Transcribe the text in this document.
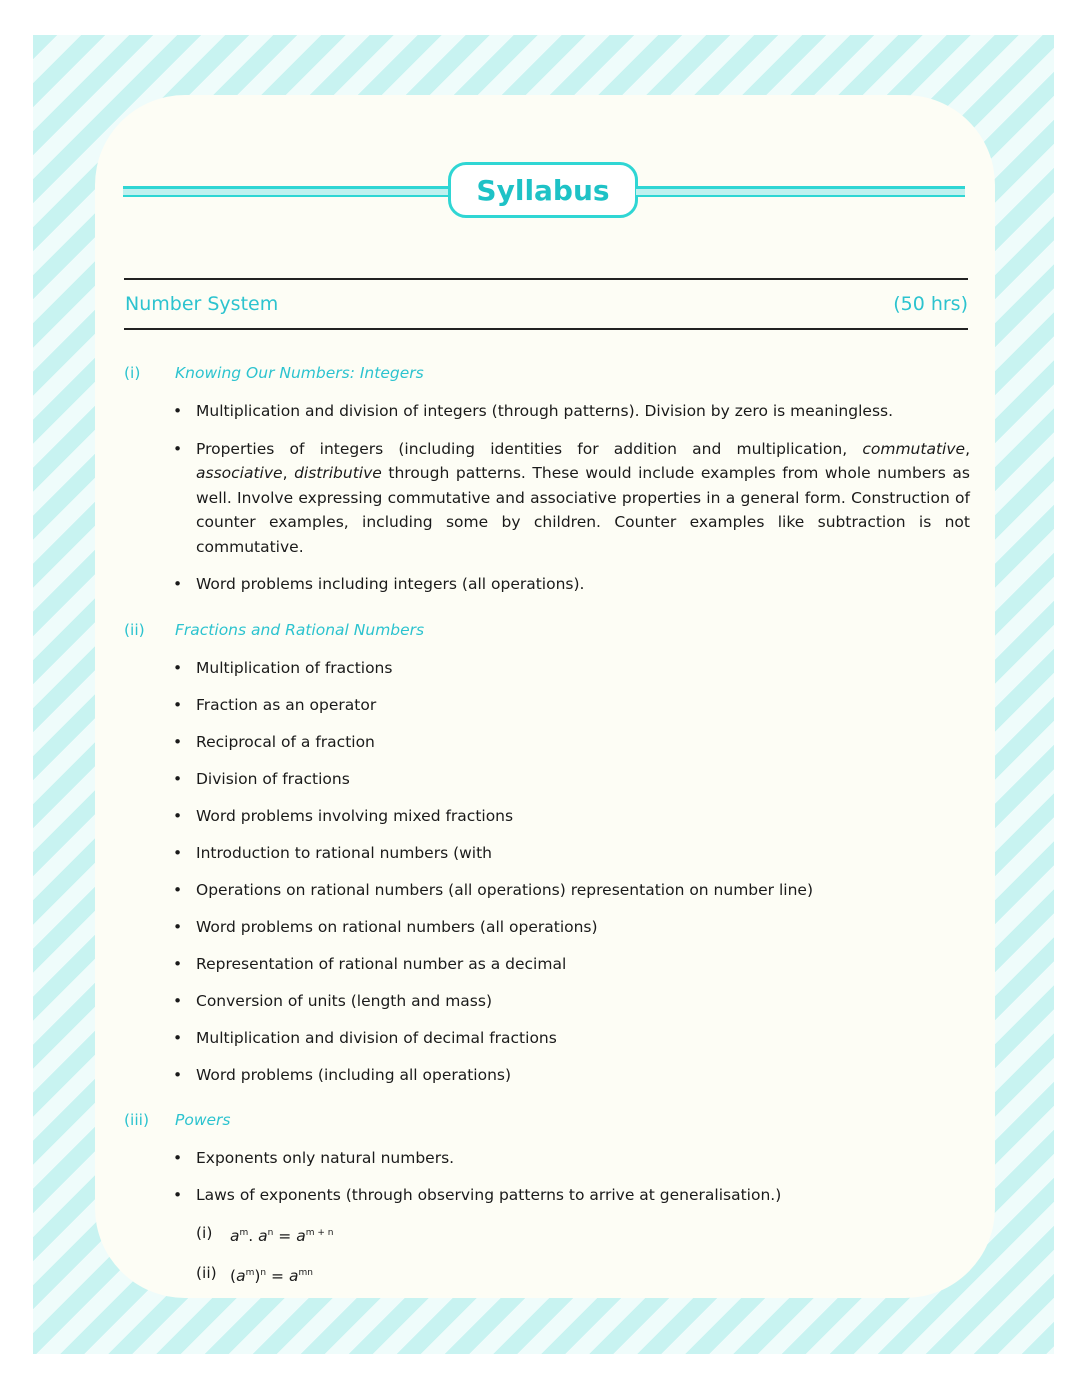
Syllabus
Number System	(50 hrs)
(i)	Knowing Our Numbers: Integers
• Multiplication and division of integers (through patterns). Division by zero is meaningless.
• Properties of integers (including identities for addition and multiplication, commutative, associative, distributive through patterns. These would include examples from whole numbers as well. Involve expressing commutative and associative properties in a general form. Construction of counter examples, including some by children. Counter examples like subtraction is not commutative.
• Word problems including integers (all operations).
(ii)	Fractions and Rational Numbers
• Multiplication of fractions
• Fraction as an operator
• Reciprocal of a fraction
• Division of fractions
• Word problems involving mixed fractions
• Introduction to rational numbers (with
• Operations on rational numbers (all operations) representation on number line)
• Word problems on rational numbers (all operations)
• Representation of rational number as a decimal
• Conversion of units (length and mass)
• Multiplication and division of decimal fractions
• Word problems (including all operations)
(iii)	Powers
• Exponents only natural numbers.
• Laws of exponents (through observing patterns to arrive at generalisation.)
(i)	$a^m$. $a^n = a^{m + n}$
(ii) $(a^m)^n = a^{mn}$
